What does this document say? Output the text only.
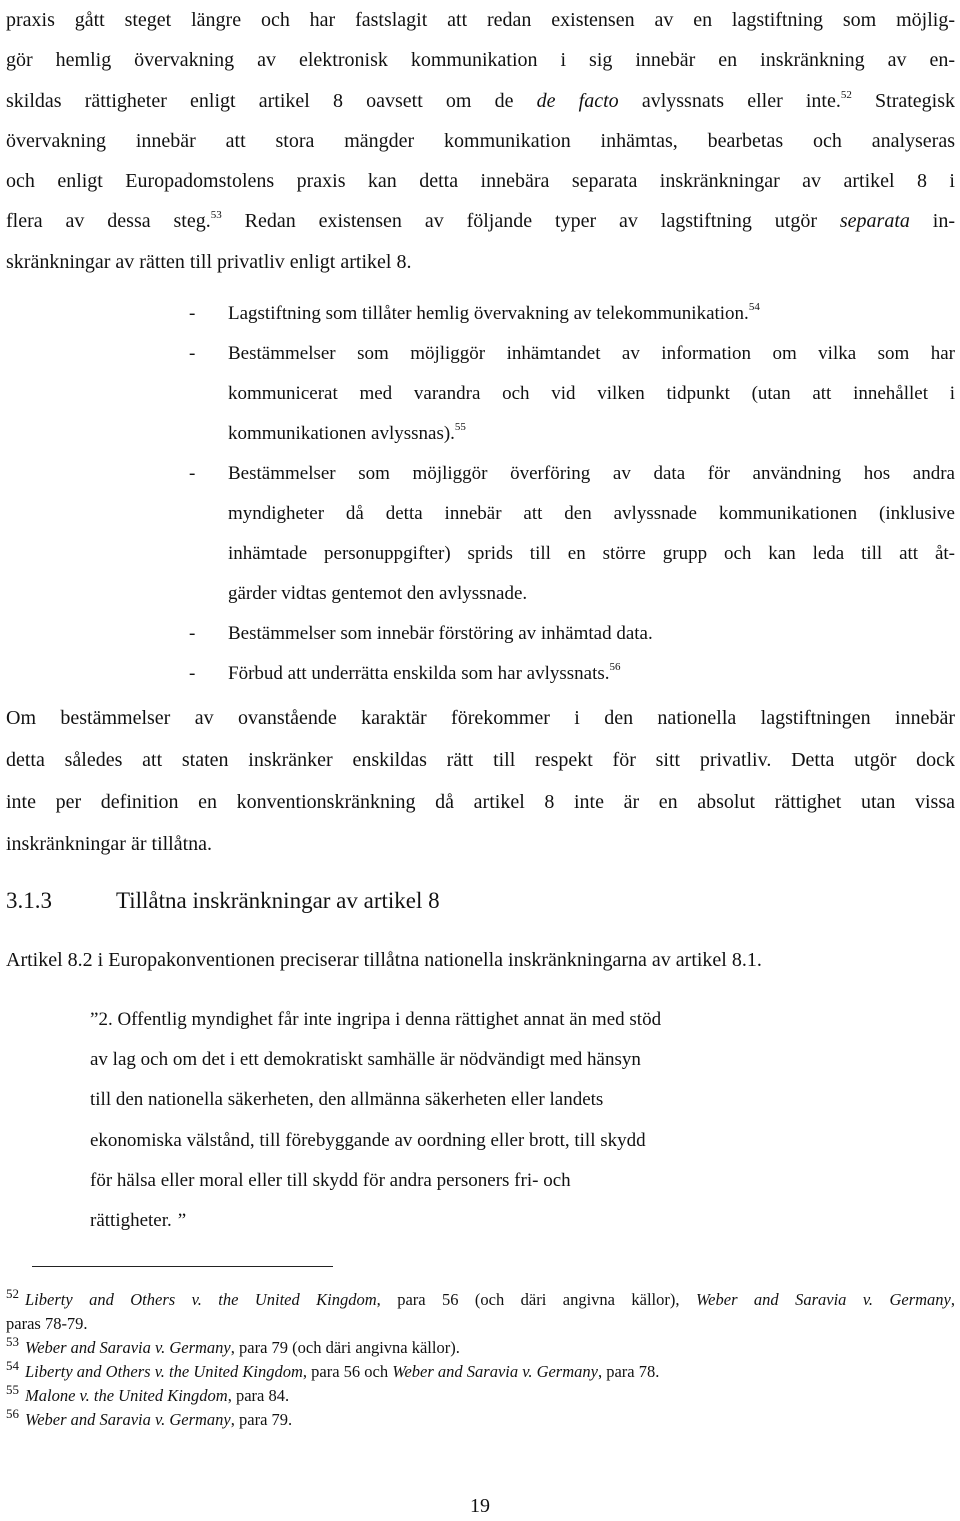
praxis gått steget längre och har fastslagit att redan existensen av en lagstiftning som möjlig-
gör hemlig övervakning av elektronisk kommunikation i sig innebär en inskränkning av en-
skildas rättigheter enligt artikel 8 oavsett om de de facto avlyssnats eller inte.$^{52}$ Strategisk
övervakning innebär att stora mängder kommunikation inhämtas, bearbetas och analyseras
och enligt Europadomstolens praxis kan detta innebära separata inskränkningar av artikel 8 i
flera av dessa steg.$^{53}$ Redan existensen av följande typer av lagstiftning utgör separata in-
skränkningar av rätten till privatliv enligt artikel 8.
- Lagstiftning som tillåter hemlig övervakning av telekommunikation.$^{54}$
- Bestämmelser som möjliggör inhämtandet av information om vilka som har
kommunicerat med varandra och vid vilken tidpunkt (utan att innehållet i
kommunikationen avlyssnas).$^{55}$
- Bestämmelser som möjliggör överföring av data för användning hos andra
myndigheter då detta innebär att den avlyssnade kommunikationen (inklusive
inhämtade personuppgifter) sprids till en större grupp och kan leda till att åt-
gärder vidtas gentemot den avlyssnade.
- Bestämmelser som innebär förstöring av inhämtad data.
- Förbud att underrätta enskilda som har avlyssnats.$^{56}$
Om bestämmelser av ovanstående karaktär förekommer i den nationella lagstiftningen innebär
detta således att staten inskränker enskildas rätt till respekt för sitt privatliv. Detta utgör dock
inte per definition en konventionskränkning då artikel 8 inte är en absolut rättighet utan vissa
inskränkningar är tillåtna.
3.1.3	Tillåtna inskränkningar av artikel 8
Artikel 8.2 i Europakonventionen preciserar tillåtna nationella inskränkningarna av artikel 8.1.
”2. Offentlig myndighet får inte ingripa i denna rättighet annat än med stöd
av lag och om det i ett demokratiskt samhälle är nödvändigt med hänsyn
till den nationella säkerheten, den allmänna säkerheten eller landets
ekonomiska välstånd, till förebyggande av oordning eller brott, till skydd
för hälsa eller moral eller till skydd för andra personers fri- och
rättigheter. ”
$^{52}$ Liberty and Others v. the United Kingdom, para 56 (och däri angivna källor), Weber and Saravia v. Germany,
paras 78-79.
$^{53}$ Weber and Saravia v. Germany, para 79 (och däri angivna källor).
$^{54}$ Liberty and Others v. the United Kingdom, para 56 och Weber and Saravia v. Germany, para 78.
$^{55}$ Malone v. the United Kingdom, para 84.
$^{56}$ Weber and Saravia v. Germany, para 79.
19
